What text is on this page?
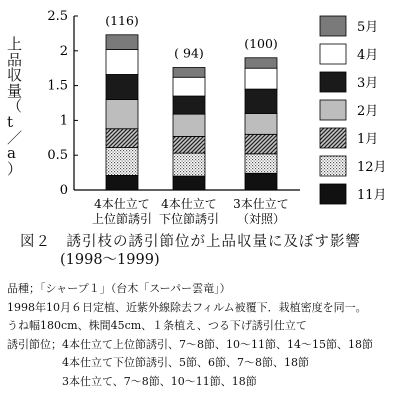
0
0.5
1
1.5
2
2.5	(116)
4本仕立て
上位節誘引
( 94)
4本仕立て
下位節誘引
(100)
3本仕立て
（対照）
5月
4月
3月
2月
1月
12月
11月
上
品
収
量
（
t
／
a
）
図２　誘引枝の誘引節位が上品収量に及ぼす影響
(1998〜1999)
品種；「シャープ１」（台木「スーパー雲竜」）
1998年10月６日定植、近紫外線除去フィルム被覆下．栽植密度を同一。
うね幅180cm、株間45cm、１条植え、つる下げ誘引仕立て
誘引節位；4本仕立て上位節誘引、7〜8節、10〜11節、14〜15節、18節
　　　　　4本仕立て下位節誘引、5節、6節、7〜8節、18節
　　　　　3本仕立て、7〜8節、10〜11節、18節
